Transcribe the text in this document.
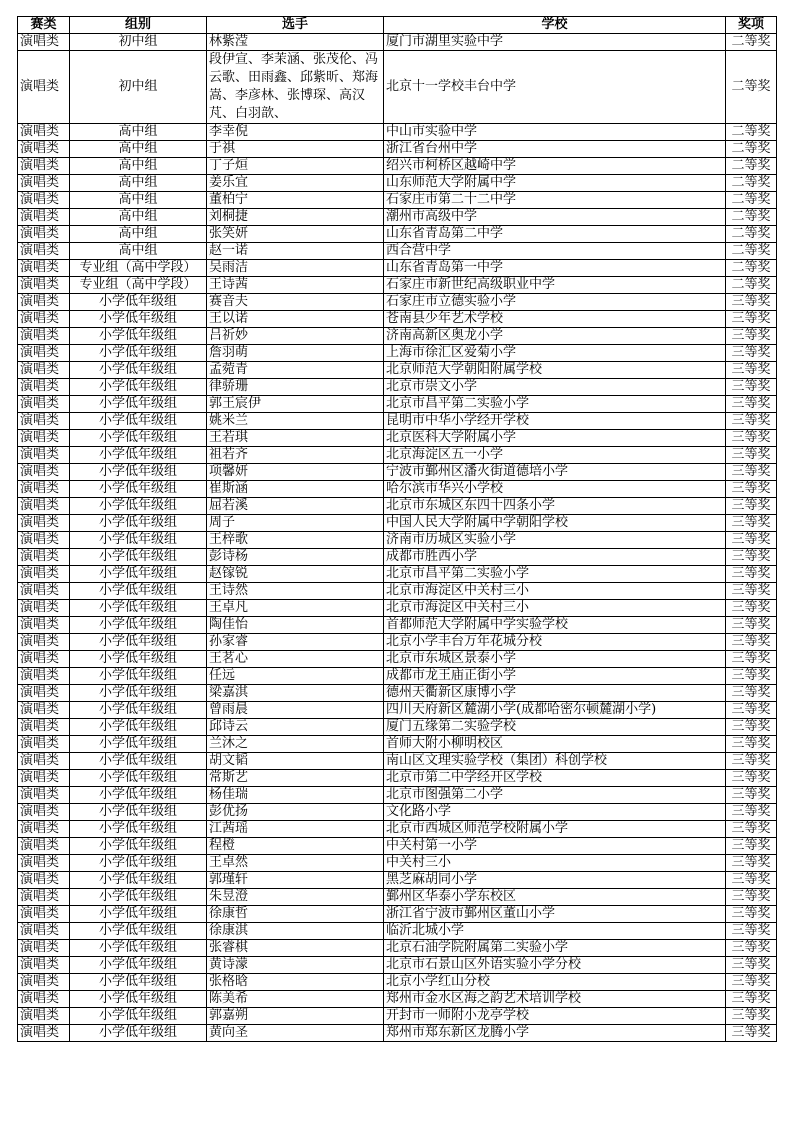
赛类	组别	选手	学校	奖项
演唱类	初中组	林紫滢	厦门市湖里实验中学	二等奖
演唱类	初中组	段伊宣、李茉涵、张茂伦、冯云歌、田雨鑫、邱紫昕、郑海嵩、李彦林、张博琛、高汉芃、白羽歆、	北京十一学校丰台中学	二等奖
演唱类	高中组	李幸倪	中山市实验中学	二等奖
演唱类	高中组	于祺	浙江省台州中学	二等奖
演唱类	高中组	丁子烜	绍兴市柯桥区越崎中学	二等奖
演唱类	高中组	姜乐宜	山东师范大学附属中学	二等奖
演唱类	高中组	董柏宁	石家庄市第二十二中学	二等奖
演唱类	高中组	刘桐捷	潮州市高级中学	二等奖
演唱类	高中组	张笑妍	山东省青岛第二中学	二等奖
演唱类	高中组	赵一诺	西合营中学	二等奖
演唱类	专业组（高中学段）	吴雨洁	山东省青岛第一中学	二等奖
演唱类	专业组（高中学段）	王诗茜	石家庄市新世纪高级职业中学	二等奖
演唱类	小学低年级组	赛音夫	石家庄市立德实验小学	三等奖
演唱类	小学低年级组	王以诺	苍南县少年艺术学校	三等奖
演唱类	小学低年级组	吕祈妙	济南高新区奥龙小学	三等奖
演唱类	小学低年级组	詹羽萌	上海市徐汇区爱菊小学	三等奖
演唱类	小学低年级组	孟菀青	北京师范大学朝阳附属学校	三等奖
演唱类	小学低年级组	律骄珊	北京市崇文小学	三等奖
演唱类	小学低年级组	郭王宸伊	北京市昌平第二实验小学	三等奖
演唱类	小学低年级组	姚米兰	昆明市中华小学经开学校	三等奖
演唱类	小学低年级组	王若琪	北京医科大学附属小学	三等奖
演唱类	小学低年级组	祖若齐	北京海淀区五一小学	三等奖
演唱类	小学低年级组	项馨妍	宁波市鄞州区潘火街道德培小学	三等奖
演唱类	小学低年级组	崔斯涵	哈尔滨市华兴小学校	三等奖
演唱类	小学低年级组	屈若溪	北京市东城区东四十四条小学	三等奖
演唱类	小学低年级组	周子	中国人民大学附属中学朝阳学校	三等奖
演唱类	小学低年级组	王梓歌	济南市历城区实验小学	三等奖
演唱类	小学低年级组	彭诗杨	成都市胜西小学	三等奖
演唱类	小学低年级组	赵镓锐	北京市昌平第二实验小学	三等奖
演唱类	小学低年级组	王诗然	北京市海淀区中关村三小	三等奖
演唱类	小学低年级组	王卓凡	北京市海淀区中关村三小	三等奖
演唱类	小学低年级组	陶佳怡	首都师范大学附属中学实验学校	三等奖
演唱类	小学低年级组	孙家睿	北京小学丰台万年花城分校	三等奖
演唱类	小学低年级组	王茗心	北京市东城区景泰小学	三等奖
演唱类	小学低年级组	任远	成都市龙王庙正街小学	三等奖
演唱类	小学低年级组	梁嘉淇	德州天衢新区康博小学	三等奖
演唱类	小学低年级组	曾雨晨	四川天府新区麓湖小学(成都哈密尔顿麓湖小学)	三等奖
演唱类	小学低年级组	邱诗云	厦门五缘第二实验学校	三等奖
演唱类	小学低年级组	兰沐之	首师大附小柳明校区	三等奖
演唱类	小学低年级组	胡文韬	南山区文理实验学校（集团）科创学校	三等奖
演唱类	小学低年级组	常斯艺	北京市第二中学经开区学校	三等奖
演唱类	小学低年级组	杨佳瑞	北京市图强第二小学	三等奖
演唱类	小学低年级组	彭优扬	文化路小学	三等奖
演唱类	小学低年级组	江茜瑶	北京市西城区师范学校附属小学	三等奖
演唱类	小学低年级组	程橙	中关村第一小学	三等奖
演唱类	小学低年级组	王卓然	中关村三小	三等奖
演唱类	小学低年级组	郭瑾轩	黑芝麻胡同小学	三等奖
演唱类	小学低年级组	朱昱澄	鄞州区华泰小学东校区	三等奖
演唱类	小学低年级组	徐康哲	浙江省宁波市鄞州区董山小学	三等奖
演唱类	小学低年级组	徐康淇	临沂北城小学	三等奖
演唱类	小学低年级组	张睿棋	北京石油学院附属第二实验小学	三等奖
演唱类	小学低年级组	黄诗濛	北京市石景山区外语实验小学分校	三等奖
演唱类	小学低年级组	张格晗	北京小学红山分校	三等奖
演唱类	小学低年级组	陈美希	郑州市金水区海之韵艺术培训学校	三等奖
演唱类	小学低年级组	郭嘉朔	开封市一师附小龙亭学校	三等奖
演唱类	小学低年级组	黄向圣	郑州市郑东新区龙腾小学	三等奖
